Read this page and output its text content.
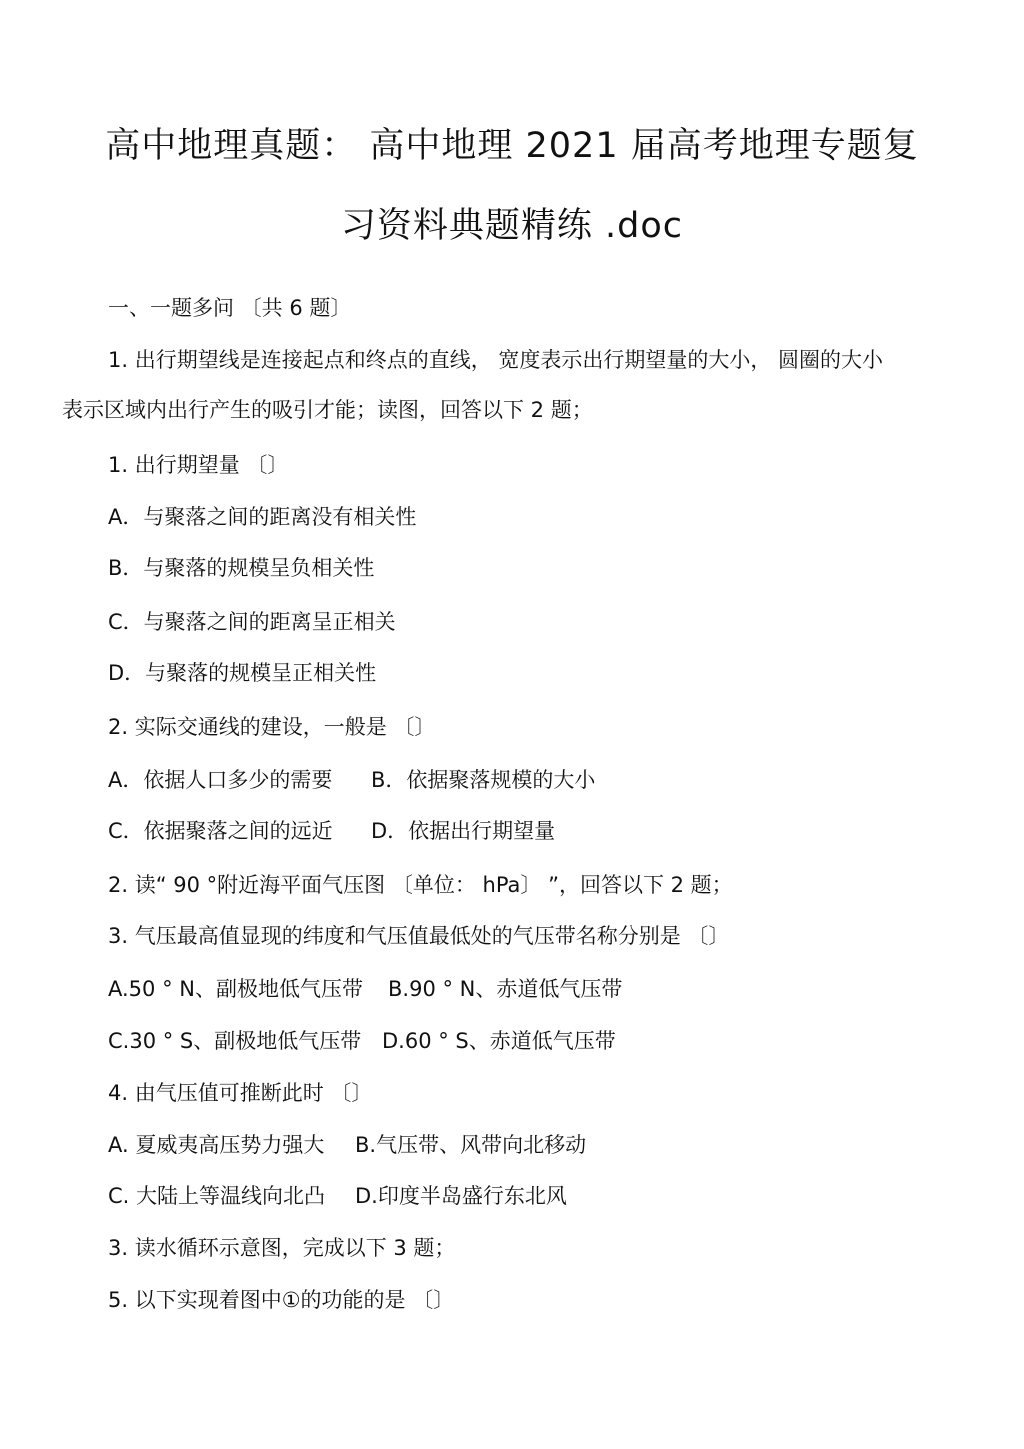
高中地理真题： 高中地理 2021 届高考地理专题复
习资料典题精练 .doc
一、一题多问 〔共 6 题〕
1. 出行期望线是连接起点和终点的直线， 宽度表示出行期望量的大小， 圆圈的大小
表示区域内出行产生的吸引才能；读图，回答以下 2 题；
1. 出行期望量 〔〕
A．与聚落之间的距离没有相关性
B．与聚落的规模呈负相关性
C．与聚落之间的距离呈正相关
D．与聚落的规模呈正相关性
2. 实际交通线的建设，一般是 〔〕
A．依据人口多少的需要 B．依据聚落规模的大小
C．依据聚落之间的远近 D．依据出行期望量
2. 读“ 90 °附近海平面气压图 〔单位： hPa〕 ”，回答以下 2 题；
3. 气压最高值显现的纬度和气压值最低处的气压带名称分别是 〔〕
A.50 ° N、副极地低气压带 B.90 ° N、赤道低气压带
C.30 ° S、副极地低气压带 D.60 ° S、赤道低气压带
4. 由气压值可推断此时 〔〕
A. 夏威夷高压势力强大 B.气压带、风带向北移动
C. 大陆上等温线向北凸 D.印度半岛盛行东北风
3. 读水循环示意图，完成以下 3 题；
5. 以下实现着图中①的功能的是 〔〕
